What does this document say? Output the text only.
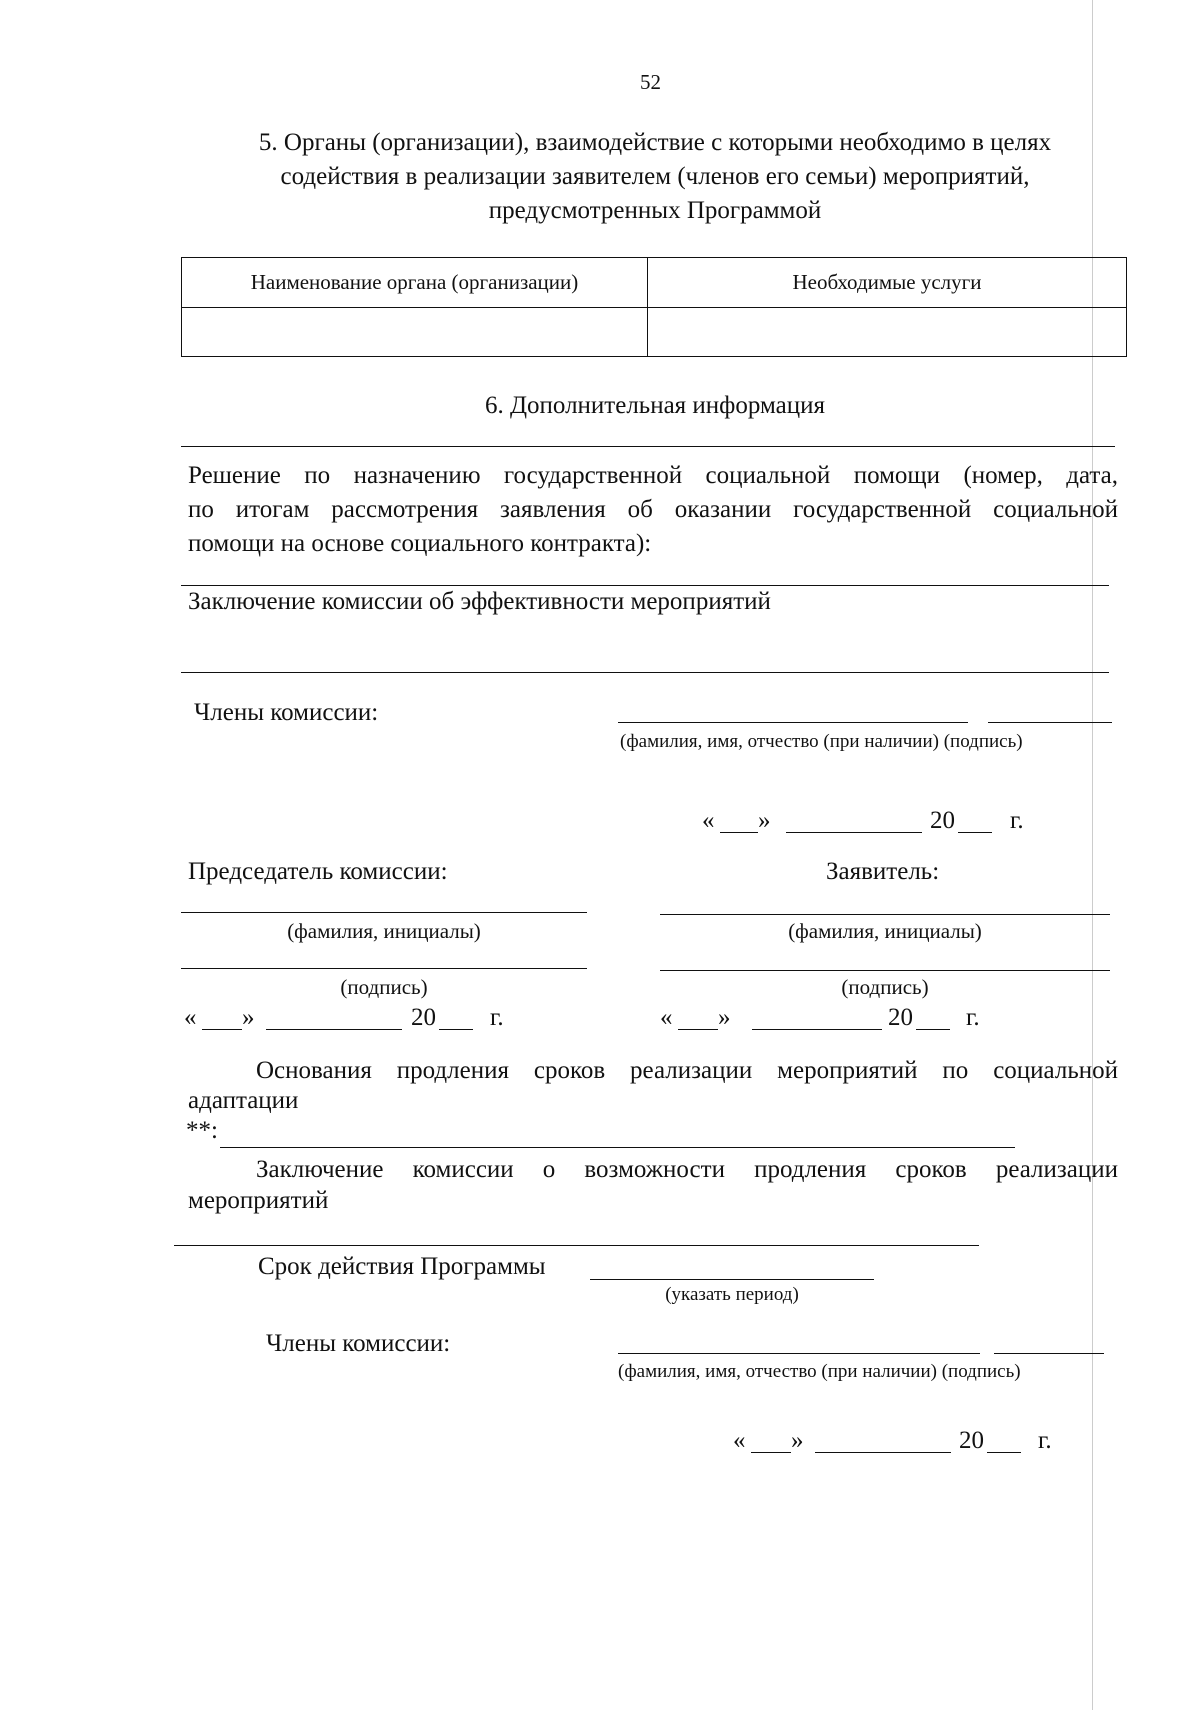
52
5. Органы (организации), взаимодействие с которыми необходимо в целях
содействия в реализации заявителем (членов его семьи) мероприятий,
предусмотренных Программой
Наименование органа (организации)	Необходимые услуги

6. Дополнительная информация
Решение по назначению государственной социальной помощи (номер, дата,
по итогам рассмотрения заявления об оказании государственной социальной
помощи на основе социального контракта):
Заключение комиссии об эффективности мероприятий
Члены комиссии:
(фамилия, имя, отчество (при наличии) (подпись)
« »	20 г.
Председатель комиссии:	Заявитель:
(фамилия, инициалы)	(фамилия, инициалы)
(подпись)	(подпись)
« »	20 г.	« »	20 г.
Основания продления сроков реализации мероприятий по социальной
адаптации
**:
Заключение комиссии о возможности продления сроков реализации
мероприятий
Срок действия Программы
(указать период)
Члены комиссии:
(фамилия, имя, отчество (при наличии) (подпись)
« »	20 г.
